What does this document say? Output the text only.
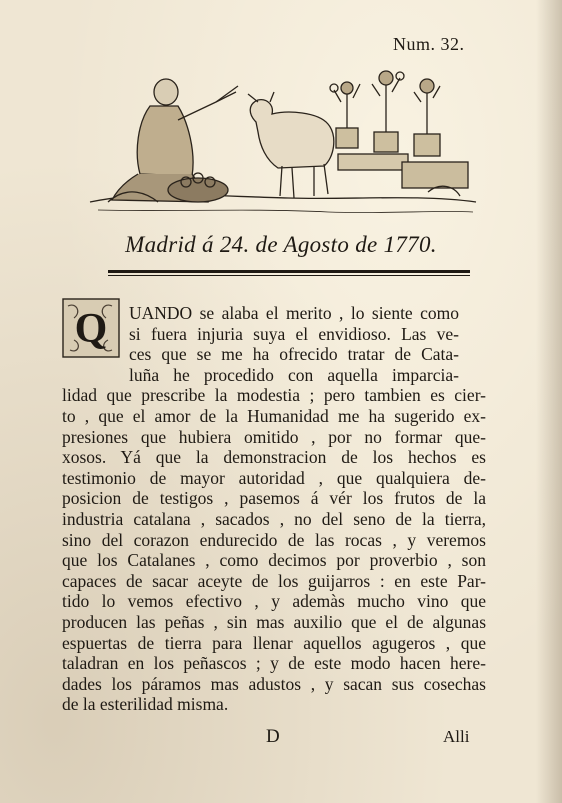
Num. 32.
Madrid á 24. de Agosto de 1770.
Q UANDO se alaba el merito , lo siente como
si fuera injuria suya el envidioso. Las ve-
ces que se me ha ofrecido tratar de Cata-
luña he procedido con aquella imparcia-
lidad que prescribe la modestia ; pero tambien es cier-
to , que el amor de la Humanidad me ha sugerido ex-
presiones que hubiera omitido , por no formar que-
xosos. Yá que la demonstracion de los hechos es
testimonio de mayor autoridad , que qualquiera de-
posicion de testigos , pasemos á vér los frutos de la
industria catalana , sacados , no del seno de la tierra,
sino del corazon endurecido de las rocas , y veremos
que los Catalanes , como decimos por proverbio , son
capaces de sacar aceyte de los guijarros : en este Par-
tido lo vemos efectivo , y ademàs mucho vino que
producen las peñas , sin mas auxilio que el de algunas
espuertas de tierra para llenar aquellos agugeros , que
taladran en los peñascos ; y de este modo hacen here-
dades los páramos mas adustos , y sacan sus cosechas
de la esterilidad misma.
D	Alli
